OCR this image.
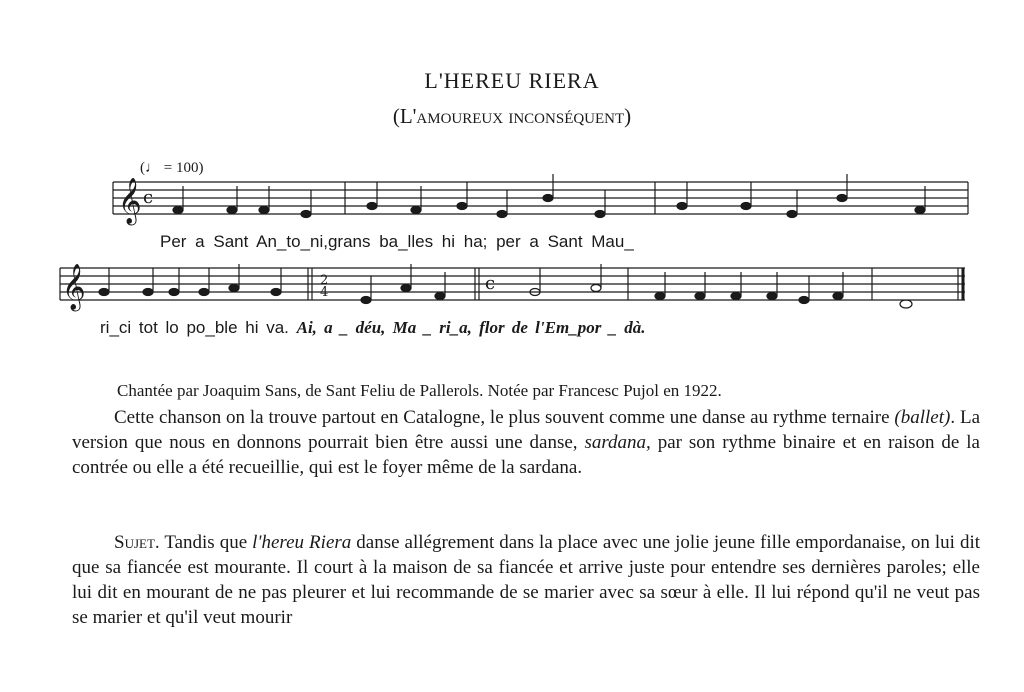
L'HEREU RIERA
(L'amoureux inconséquent)
(♩ = 100)
𝄞 c
𝄞	2
4	c
Per a Sant An_to_ni,grans ba_lles hi ha; per a Sant Mau_
ri_ci tot lo po_ble hi va. Ai, a _ déu, Ma _ ri_a, flor de l'Em_por _ dà.
Chantée par Joaquim Sans, de Sant Feliu de Pallerols. Notée par Francesc Pujol en 1922.
Cette chanson on la trouve partout en Catalogne, le plus souvent comme une danse au rythme ternaire (ballet). La version que nous en donnons pourrait bien être aussi une danse, sardana, par son rythme binaire et en raison de la contrée ou elle a été recueillie, qui est le foyer même de la sardana.
Sujet. Tandis que l'hereu Riera danse allégrement dans la place avec une jolie jeune fille empordanaise, on lui dit que sa fiancée est mourante. Il court à la maison de sa fiancée et arrive juste pour entendre ses dernières paroles; elle lui dit en mourant de ne pas pleurer et lui recommande de se marier avec sa sœur à elle. Il lui répond qu'il ne veut pas se marier et qu'il veut mourir
